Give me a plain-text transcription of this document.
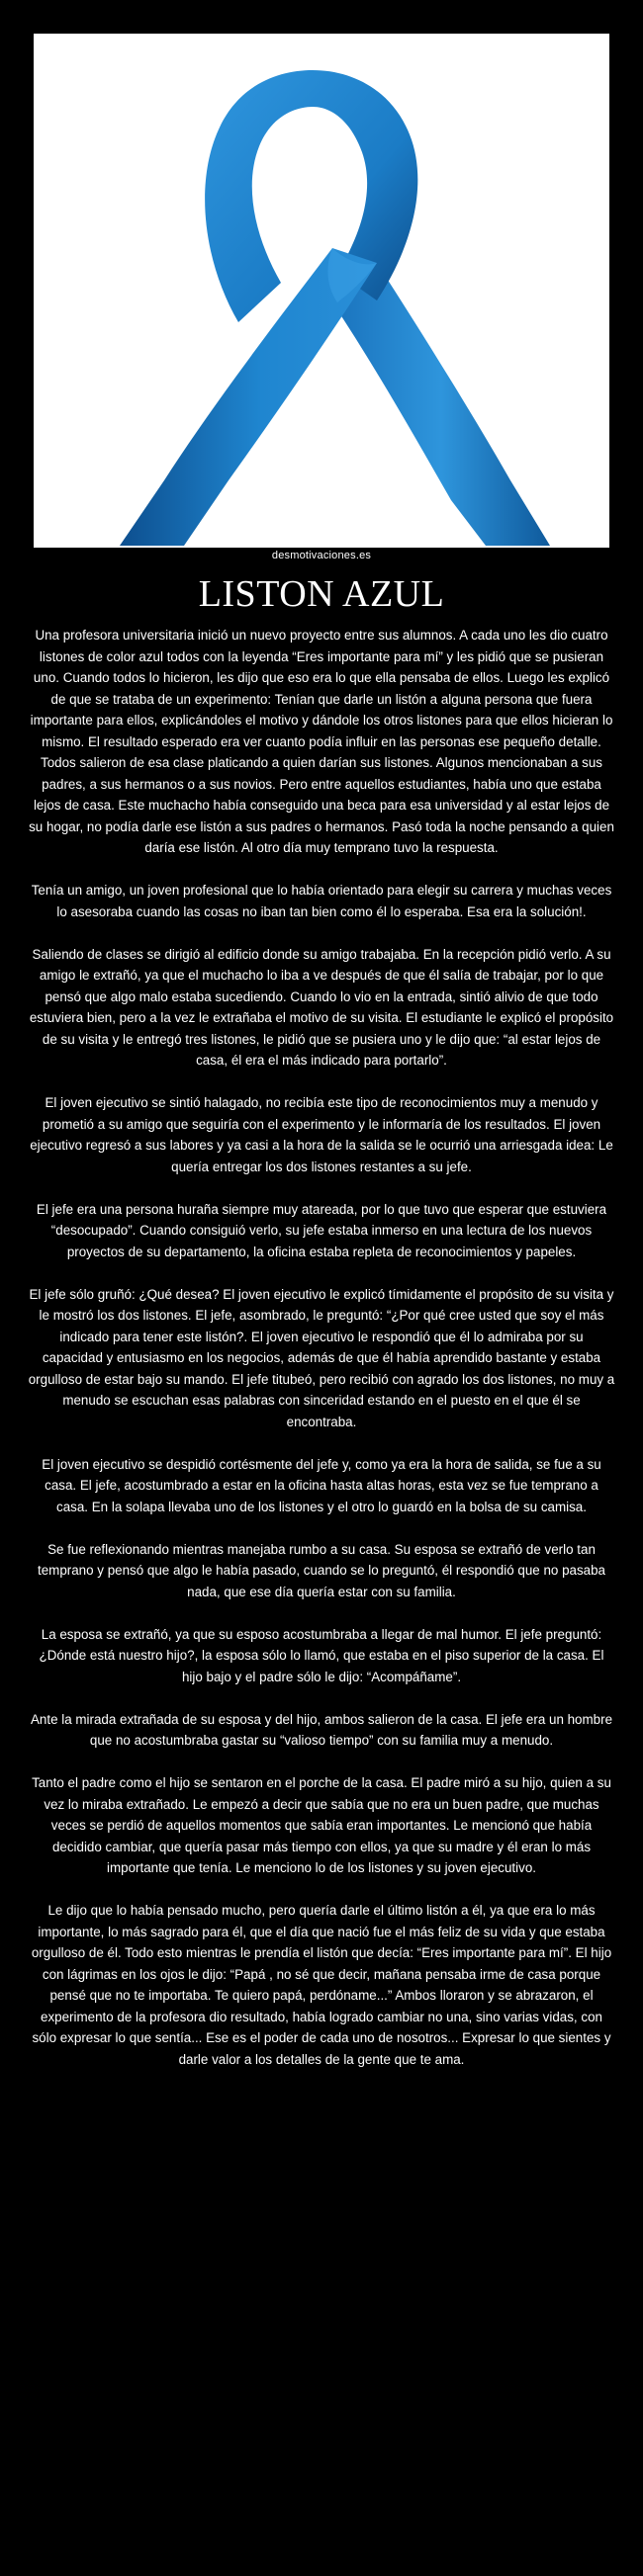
desmotivaciones.es
LISTON AZUL

Una profesora universitaria inició un nuevo proyecto entre sus alumnos. A cada uno les dio cuatro listones de color azul todos con la leyenda “Eres importante para mí” y les pidió que se pusieran uno. Cuando todos lo hicieron, les dijo que eso era lo que ella pensaba de ellos. Luego les explicó de que se trataba de un experimento: Tenían que darle un listón a alguna persona que fuera importante para ellos, explicándoles el motivo y dándole los otros listones para que ellos hicieran lo mismo. El resultado esperado era ver cuanto podía influir en las personas ese pequeño detalle. Todos salieron de esa clase platicando a quien darían sus listones. Algunos mencionaban a sus padres, a sus hermanos o a sus novios. Pero entre aquellos estudiantes, había uno que estaba lejos de casa. Este muchacho había conseguido una beca para esa universidad y al estar lejos de su hogar, no podía darle ese listón a sus padres o hermanos. Pasó toda la noche pensando a quien daría ese listón. Al otro día muy temprano tuvo la respuesta.

Tenía un amigo, un joven profesional que lo había orientado para elegir su carrera y muchas veces lo asesoraba cuando las cosas no iban tan bien como él lo esperaba. Esa era la solución!.

Saliendo de clases se dirigió al edificio donde su amigo trabajaba. En la recepción pidió verlo. A su amigo le extrañó, ya que el muchacho lo iba a ve después de que él salía de trabajar, por lo que pensó que algo malo estaba sucediendo. Cuando lo vio en la entrada, sintió alivio de que todo estuviera bien, pero a la vez le extrañaba el motivo de su visita. El estudiante le explicó el propósito de su visita y le entregó tres listones, le pidió que se pusiera uno y le dijo que: “al estar lejos de casa, él era el más indicado para portarlo”.

El joven ejecutivo se sintió halagado, no recibía este tipo de reconocimientos muy a menudo y prometió a su amigo que seguiría con el experimento y le informaría de los resultados. El joven ejecutivo regresó a sus labores y ya casi a la hora de la salida se le ocurrió una arriesgada idea: Le quería entregar los dos listones restantes a su jefe.

El jefe era una persona huraña siempre muy atareada, por lo que tuvo que esperar que estuviera “desocupado”. Cuando consiguió verlo, su jefe estaba inmerso en una lectura de los nuevos proyectos de su departamento, la oficina estaba repleta de reconocimientos y papeles.

El jefe sólo gruñó: ¿Qué desea? El joven ejecutivo le explicó tímidamente el propósito de su visita y le mostró los dos listones. El jefe, asombrado, le preguntó: “¿Por qué cree usted que soy el más indicado para tener este listón?. El joven ejecutivo le respondió que él lo admiraba por su capacidad y entusiasmo en los negocios, además de que él había aprendido bastante y estaba orgulloso de estar bajo su mando. El jefe titubeó, pero recibió con agrado los dos listones, no muy a menudo se escuchan esas palabras con sinceridad estando en el puesto en el que él se encontraba.

El joven ejecutivo se despidió cortésmente del jefe y, como ya era la hora de salida, se fue a su casa. El jefe, acostumbrado a estar en la oficina hasta altas horas, esta vez se fue temprano a casa. En la solapa llevaba uno de los listones y el otro lo guardó en la bolsa de su camisa.

Se fue reflexionando mientras manejaba rumbo a su casa. Su esposa se extrañó de verlo tan temprano y pensó que algo le había pasado, cuando se lo preguntó, él respondió que no pasaba nada, que ese día quería estar con su familia.

La esposa se extrañó, ya que su esposo acostumbraba a llegar de mal humor. El jefe preguntó: ¿Dónde está nuestro hijo?, la esposa sólo lo llamó, que estaba en el piso superior de la casa. El hijo bajo y el padre sólo le dijo: “Acompáñame”.

Ante la mirada extrañada de su esposa y del hijo, ambos salieron de la casa. El jefe era un hombre que no acostumbraba gastar su “valioso tiempo” con su familia muy a menudo.

Tanto el padre como el hijo se sentaron en el porche de la casa. El padre miró a su hijo, quien a su vez lo miraba extrañado. Le empezó a decir que sabía que no era un buen padre, que muchas veces se perdió de aquellos momentos que sabía eran importantes. Le mencionó que había decidido cambiar, que quería pasar más tiempo con ellos, ya que su madre y él eran lo más importante que tenía. Le menciono lo de los listones y su joven ejecutivo.

Le dijo que lo había pensado mucho, pero quería darle el último listón a él, ya que era lo más importante, lo más sagrado para él, que el día que nació fue el más feliz de su vida y que estaba orgulloso de él. Todo esto mientras le prendía el listón que decía: “Eres importante para mí”. El hijo con lágrimas en los ojos le dijo: “Papá , no sé que decir, mañana pensaba irme de casa porque pensé que no te importaba. Te quiero papá, perdóname...” Ambos lloraron y se abrazaron, el experimento de la profesora dio resultado, había logrado cambiar no una, sino varias vidas, con sólo expresar lo que sentía... Ese es el poder de cada uno de nosotros... Expresar lo que sientes y darle valor a los detalles de la gente que te ama.
